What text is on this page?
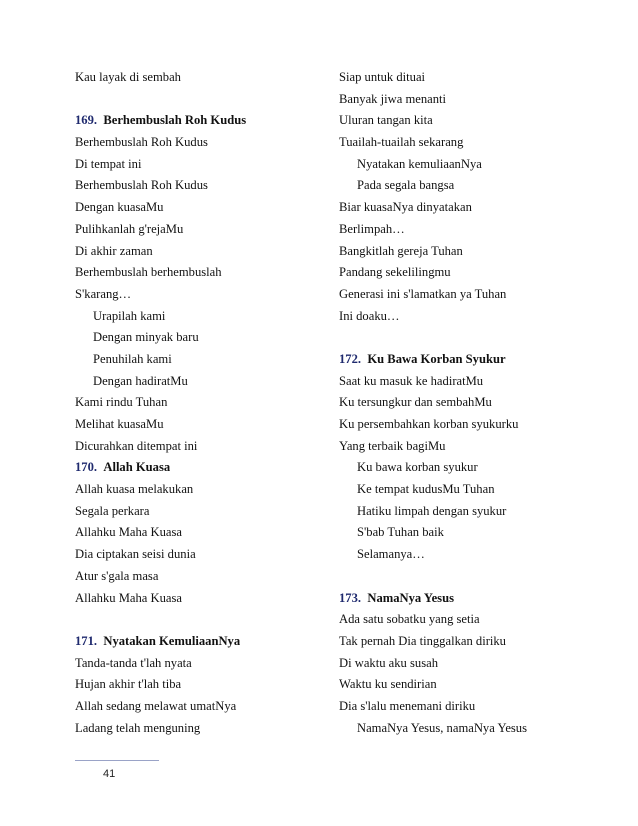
Kau layak di sembah
169. Berhembuslah Roh Kudus
Berhembuslah Roh Kudus
Di tempat ini
Berhembuslah Roh Kudus
Dengan kuasaMu
Pulihkanlah g'rejaMu
Di akhir zaman
Berhembuslah berhembuslah
S'karang…
Urapilah kami
Dengan minyak baru
Penuhilah kami
Dengan hadiratMu
Kami rindu Tuhan
Melihat kuasaMu
Dicurahkan ditempat ini
170. Allah Kuasa
Allah kuasa melakukan
Segala perkara
Allahku Maha Kuasa
Dia ciptakan seisi dunia
Atur s'gala masa
Allahku Maha Kuasa
171. Nyatakan KemuliaanNya
Tanda-tanda t'lah nyata
Hujan akhir t'lah tiba
Allah sedang melawat umatNya
Ladang telah menguning
Siap untuk dituai
Banyak jiwa menanti
Uluran tangan kita
Tuailah-tuailah sekarang
Nyatakan kemuliaanNya
Pada segala bangsa
Biar kuasaNya dinyatakan
Berlimpah…
Bangkitlah gereja Tuhan
Pandang sekelilingmu
Generasi ini s'lamatkan ya Tuhan
Ini doaku…
172. Ku Bawa Korban Syukur
Saat ku masuk ke hadiratMu
Ku tersungkur dan sembahMu
Ku persembahkan korban syukurku
Yang terbaik bagiMu
Ku bawa korban syukur
Ke tempat kudusMu Tuhan
Hatiku limpah dengan syukur
S'bab Tuhan baik
Selamanya…
173. NamaNya Yesus
Ada satu sobatku yang setia
Tak pernah Dia tinggalkan diriku
Di waktu aku susah
Waktu ku sendirian
Dia s'lalu menemani diriku
NamaNya Yesus, namaNya Yesus
41
